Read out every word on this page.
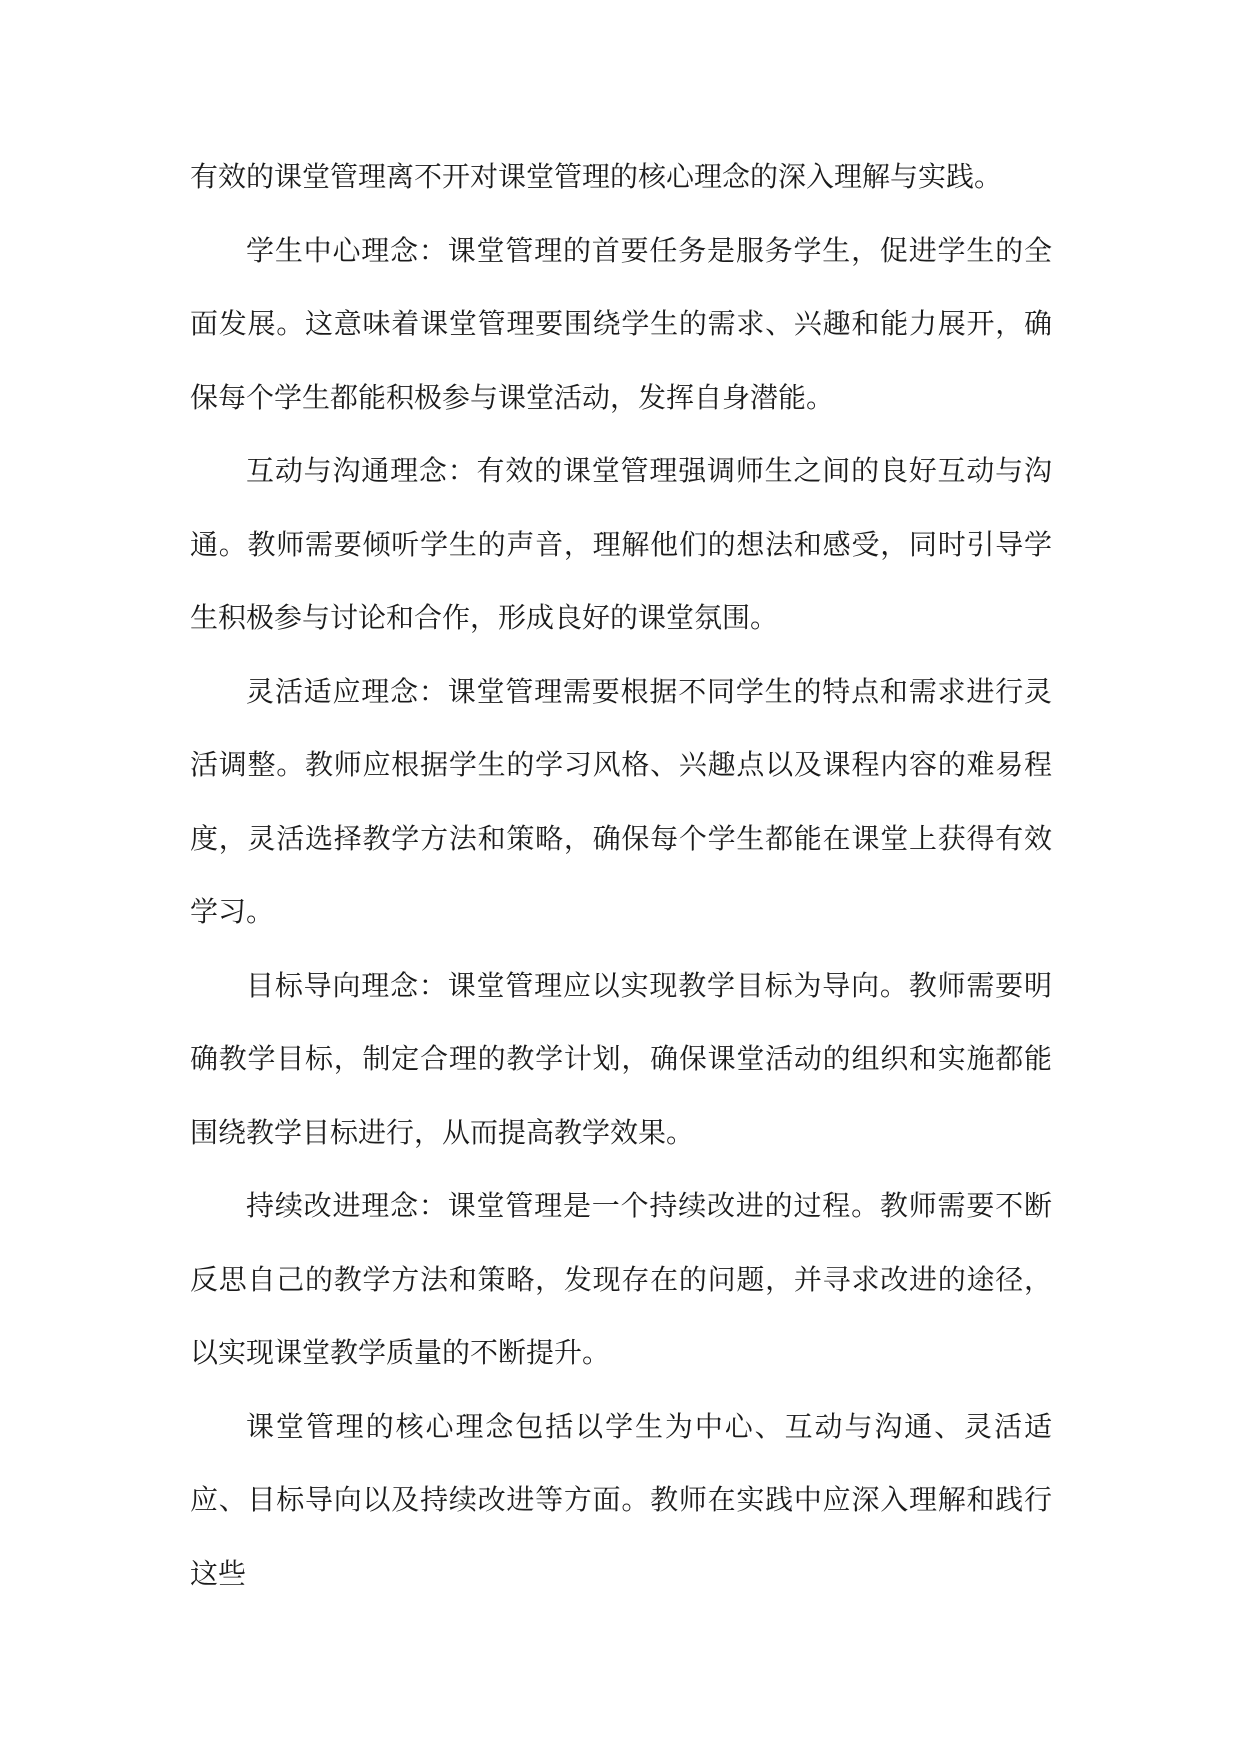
有效的课堂管理离不开对课堂管理的核心理念的深入理解与实践。

学生中心理念：课堂管理的首要任务是服务学生，促进学生的全面发展。这意味着课堂管理要围绕学生的需求、兴趣和能力展开，确保每个学生都能积极参与课堂活动，发挥自身潜能。

互动与沟通理念：有效的课堂管理强调师生之间的良好互动与沟通。教师需要倾听学生的声音，理解他们的想法和感受，同时引导学生积极参与讨论和合作，形成良好的课堂氛围。

灵活适应理念：课堂管理需要根据不同学生的特点和需求进行灵活调整。教师应根据学生的学习风格、兴趣点以及课程内容的难易程度，灵活选择教学方法和策略，确保每个学生都能在课堂上获得有效学习。

目标导向理念：课堂管理应以实现教学目标为导向。教师需要明确教学目标，制定合理的教学计划，确保课堂活动的组织和实施都能围绕教学目标进行，从而提高教学效果。

持续改进理念：课堂管理是一个持续改进的过程。教师需要不断反思自己的教学方法和策略，发现存在的问题，并寻求改进的途径，以实现课堂教学质量的不断提升。

课堂管理的核心理念包括以学生为中心、互动与沟通、灵活适应、目标导向以及持续改进等方面。教师在实践中应深入理解和践行这些
